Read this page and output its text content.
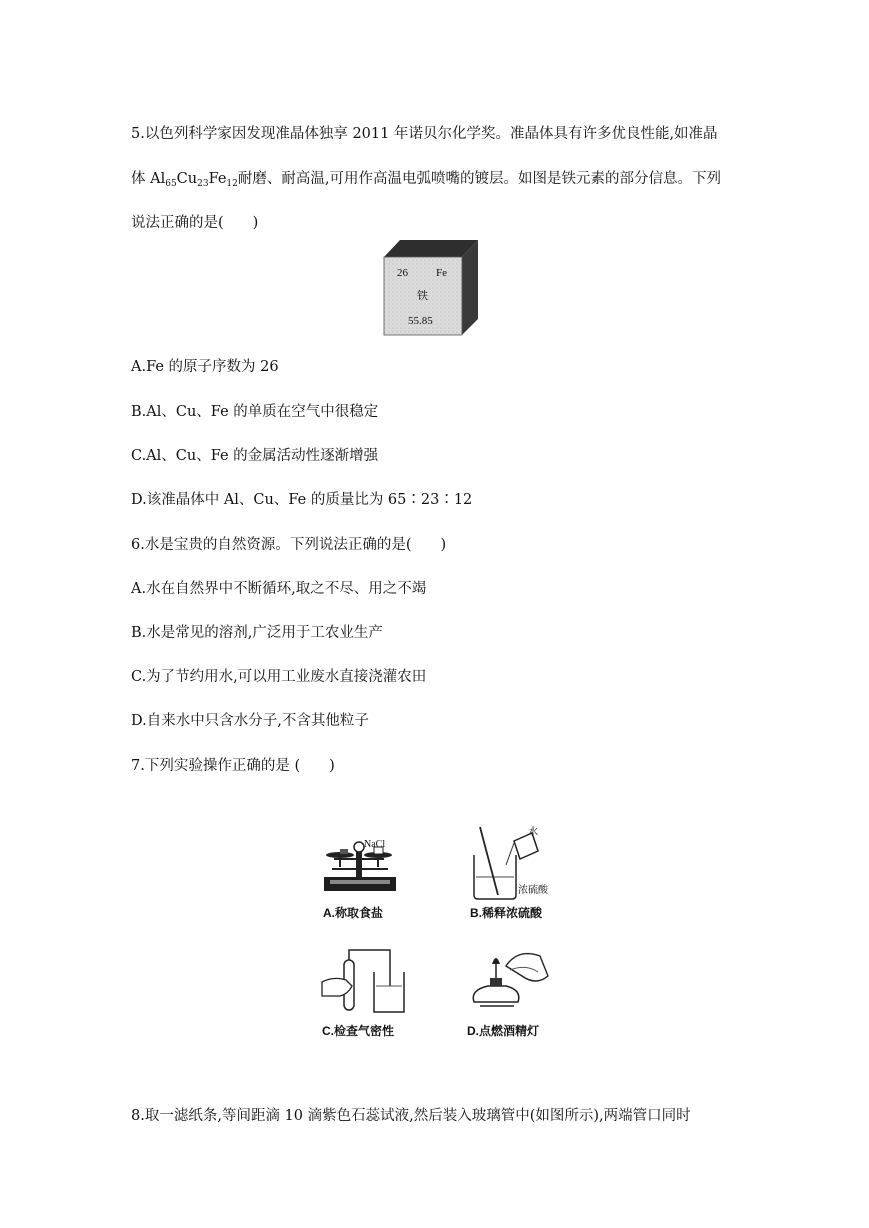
5.以色列科学家因发现准晶体独享 2011 年诺贝尔化学奖。准晶体具有许多优良性能,如准晶
体 $Al_{65}Cu_{23}Fe_{12}$耐磨、耐高温,可用作高温电弧喷嘴的镀层。如图是铁元素的部分信息。下列
说法正确的是(　　)
26	Fe
铁
55.85
A.Fe 的原子序数为 26
B.Al、Cu、Fe 的单质在空气中很稳定
C.Al、Cu、Fe 的金属活动性逐渐增强
D.该准晶体中 Al、Cu、Fe 的质量比为 65∶23∶12
6.水是宝贵的自然资源。下列说法正确的是(　　)
A.水在自然界中不断循环,取之不尽、用之不竭
B.水是常见的溶剂,广泛用于工农业生产
C.为了节约用水,可以用工业废水直接浇灌农田
D.自来水中只含水分子,不含其他粒子
7.下列实验操作正确的是 (　　)
NaCl
A.称取食盐
水
浓硫酸
B.稀释浓硫酸
C.检查气密性	D.点燃酒精灯
8.取一滤纸条,等间距滴 10 滴紫色石蕊试液,然后装入玻璃管中(如图所示),两端管口同时
